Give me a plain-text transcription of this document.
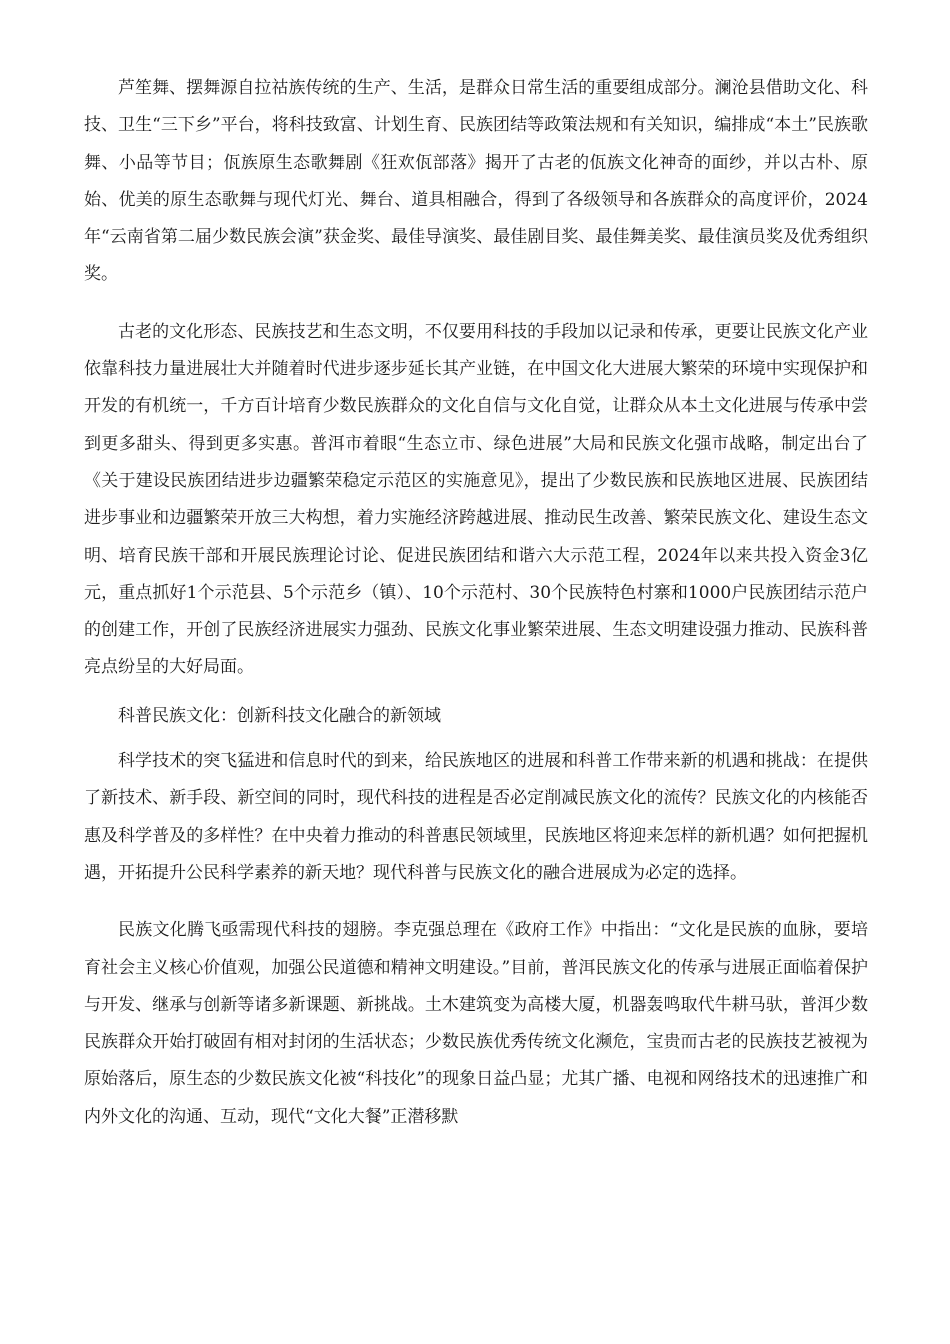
芦笙舞、摆舞源自拉祜族传统的生产、生活，是群众日常生活的重要组成部分。澜沧县借助文化、科技、卫生“三下乡”平台，将科技致富、计划生育、民族团结等政策法规和有关知识，编排成“本土”民族歌舞、小品等节目；佤族原生态歌舞剧《狂欢佤部落》揭开了古老的佤族文化神奇的面纱，并以古朴、原始、优美的原生态歌舞与现代灯光、舞台、道具相融合，得到了各级领导和各族群众的高度评价，2024年“云南省第二届少数民族会演”获金奖、最佳导演奖、最佳剧目奖、最佳舞美奖、最佳演员奖及优秀组织奖。

古老的文化形态、民族技艺和生态文明，不仅要用科技的手段加以记录和传承，更要让民族文化产业依靠科技力量进展壮大并随着时代进步逐步延长其产业链，在中国文化大进展大繁荣的环境中实现保护和开发的有机统一，千方百计培育少数民族群众的文化自信与文化自觉，让群众从本土文化进展与传承中尝到更多甜头、得到更多实惠。普洱市着眼“生态立市、绿色进展”大局和民族文化强市战略，制定出台了《关于建设民族团结进步边疆繁荣稳定示范区的实施意见》，提出了少数民族和民族地区进展、民族团结进步事业和边疆繁荣开放三大构想，着力实施经济跨越进展、推动民生改善、繁荣民族文化、建设生态文明、培育民族干部和开展民族理论讨论、促进民族团结和谐六大示范工程，2024年以来共投入资金3亿元，重点抓好1个示范县、5个示范乡（镇）、10个示范村、30个民族特色村寨和1000户民族团结示范户的创建工作，开创了民族经济进展实力强劲、民族文化事业繁荣进展、生态文明建设强力推动、民族科普亮点纷呈的大好局面。

科普民族文化：创新科技文化融合的新领域

科学技术的突飞猛进和信息时代的到来，给民族地区的进展和科普工作带来新的机遇和挑战：在提供了新技术、新手段、新空间的同时，现代科技的进程是否必定削减民族文化的流传？民族文化的内核能否惠及科学普及的多样性？在中央着力推动的科普惠民领域里，民族地区将迎来怎样的新机遇？如何把握机遇，开拓提升公民科学素养的新天地？现代科普与民族文化的融合进展成为必定的选择。

民族文化腾飞亟需现代科技的翅膀。李克强总理在《政府工作》中指出：“文化是民族的血脉，要培育社会主义核心价值观，加强公民道德和精神文明建设。”目前，普洱民族文化的传承与进展正面临着保护与开发、继承与创新等诸多新课题、新挑战。土木建筑变为高楼大厦，机器轰鸣取代牛耕马驮，普洱少数民族群众开始打破固有相对封闭的生活状态；少数民族优秀传统文化濒危，宝贵而古老的民族技艺被视为原始落后，原生态的少数民族文化被“科技化”的现象日益凸显；尤其广播、电视和网络技术的迅速推广和内外文化的沟通、互动，现代“文化大餐”正潜移默
